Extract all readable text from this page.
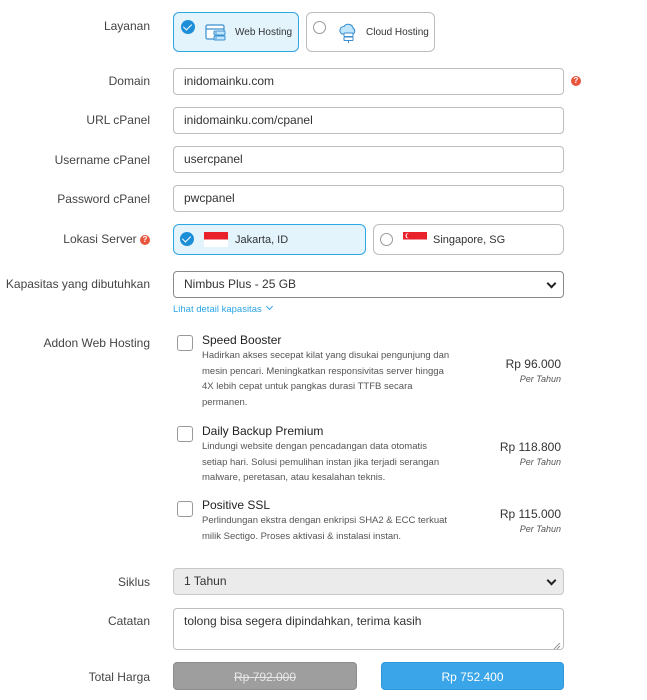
Layanan	Web Hosting	Cloud Hosting
Domain	inidomainku.com	?
URL cPanel	inidomainku.com/cpanel
Username cPanel	usercpanel
Password cPanel	pwcpanel
Lokasi Server ?	Jakarta, ID	Singapore, SG
Kapasitas yang dibutuhkan	Nimbus Plus - 25 GB
Lihat detail kapasitas
Addon Web Hosting	Speed Booster
Hadirkan akses secepat kilat yang disukai pengunjung dan mesin pencari. Meningkatkan responsivitas server hingga 4X lebih cepat untuk pangkas durasi TTFB secara permanen.
Rp 96.000
Per Tahun
Daily Backup Premium
Lindungi website dengan pencadangan data otomatis setiap hari. Solusi pemulihan instan jika terjadi serangan malware, peretasan, atau kesalahan teknis.
Rp 118.800
Per Tahun
Positive SSL
Perlindungan ekstra dengan enkripsi SHA2 & ECC terkuat milik Sectigo. Proses aktivasi & instalasi instan.
Rp 115.000
Per Tahun
Siklus	1 Tahun
Catatan	tolong bisa segera dipindahkan, terima kasih
Total Harga	Rp 792.000	Rp 752.400
